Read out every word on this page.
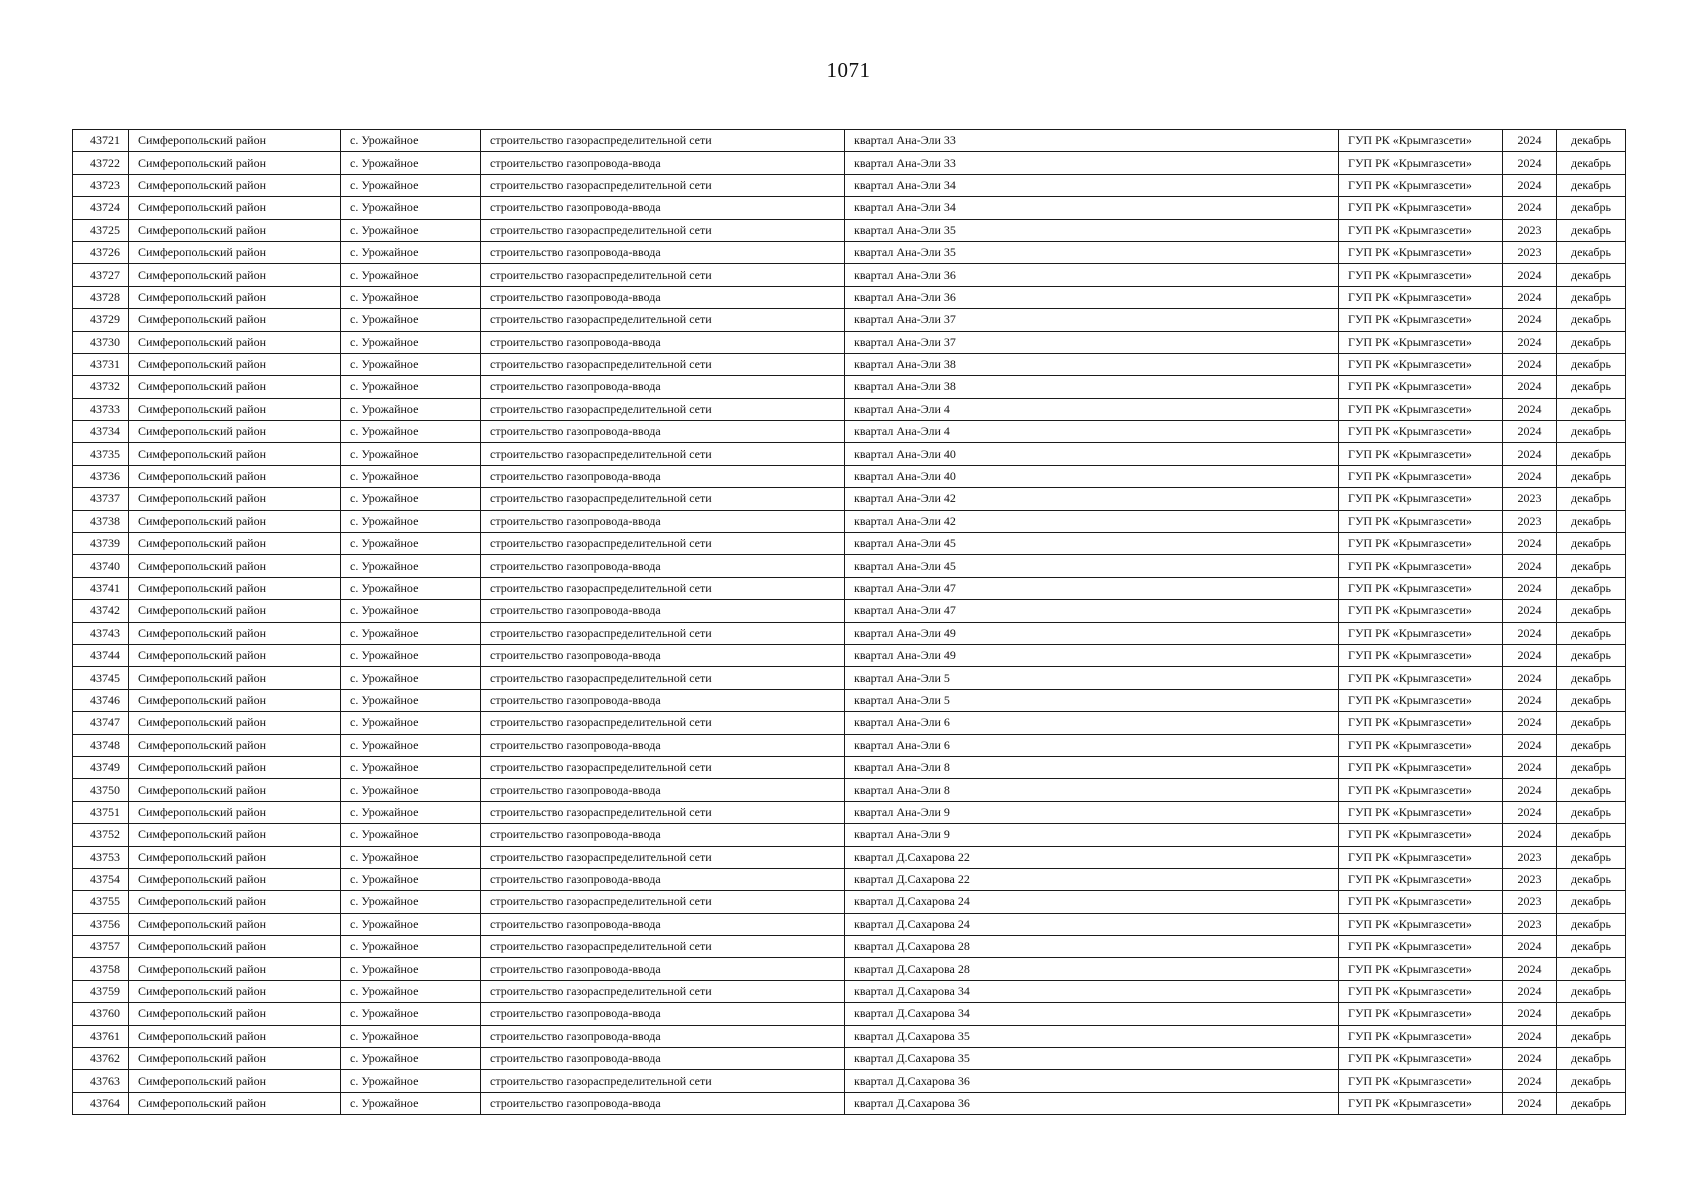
1071
43721	Симферопольский район	с. Урожайное	строительство газораспределительной сети	квартал Ана-Эли 33	ГУП РК «Крымгазсети»	2024	декабрь
43722	Симферопольский район	с. Урожайное	строительство газопровода-ввода	квартал Ана-Эли 33	ГУП РК «Крымгазсети»	2024	декабрь
43723	Симферопольский район	с. Урожайное	строительство газораспределительной сети	квартал Ана-Эли 34	ГУП РК «Крымгазсети»	2024	декабрь
43724	Симферопольский район	с. Урожайное	строительство газопровода-ввода	квартал Ана-Эли 34	ГУП РК «Крымгазсети»	2024	декабрь
43725	Симферопольский район	с. Урожайное	строительство газораспределительной сети	квартал Ана-Эли 35	ГУП РК «Крымгазсети»	2023	декабрь
43726	Симферопольский район	с. Урожайное	строительство газопровода-ввода	квартал Ана-Эли 35	ГУП РК «Крымгазсети»	2023	декабрь
43727	Симферопольский район	с. Урожайное	строительство газораспределительной сети	квартал Ана-Эли 36	ГУП РК «Крымгазсети»	2024	декабрь
43728	Симферопольский район	с. Урожайное	строительство газопровода-ввода	квартал Ана-Эли 36	ГУП РК «Крымгазсети»	2024	декабрь
43729	Симферопольский район	с. Урожайное	строительство газораспределительной сети	квартал Ана-Эли 37	ГУП РК «Крымгазсети»	2024	декабрь
43730	Симферопольский район	с. Урожайное	строительство газопровода-ввода	квартал Ана-Эли 37	ГУП РК «Крымгазсети»	2024	декабрь
43731	Симферопольский район	с. Урожайное	строительство газораспределительной сети	квартал Ана-Эли 38	ГУП РК «Крымгазсети»	2024	декабрь
43732	Симферопольский район	с. Урожайное	строительство газопровода-ввода	квартал Ана-Эли 38	ГУП РК «Крымгазсети»	2024	декабрь
43733	Симферопольский район	с. Урожайное	строительство газораспределительной сети	квартал Ана-Эли 4	ГУП РК «Крымгазсети»	2024	декабрь
43734	Симферопольский район	с. Урожайное	строительство газопровода-ввода	квартал Ана-Эли 4	ГУП РК «Крымгазсети»	2024	декабрь
43735	Симферопольский район	с. Урожайное	строительство газораспределительной сети	квартал Ана-Эли 40	ГУП РК «Крымгазсети»	2024	декабрь
43736	Симферопольский район	с. Урожайное	строительство газопровода-ввода	квартал Ана-Эли 40	ГУП РК «Крымгазсети»	2024	декабрь
43737	Симферопольский район	с. Урожайное	строительство газораспределительной сети	квартал Ана-Эли 42	ГУП РК «Крымгазсети»	2023	декабрь
43738	Симферопольский район	с. Урожайное	строительство газопровода-ввода	квартал Ана-Эли 42	ГУП РК «Крымгазсети»	2023	декабрь
43739	Симферопольский район	с. Урожайное	строительство газораспределительной сети	квартал Ана-Эли 45	ГУП РК «Крымгазсети»	2024	декабрь
43740	Симферопольский район	с. Урожайное	строительство газопровода-ввода	квартал Ана-Эли 45	ГУП РК «Крымгазсети»	2024	декабрь
43741	Симферопольский район	с. Урожайное	строительство газораспределительной сети	квартал Ана-Эли 47	ГУП РК «Крымгазсети»	2024	декабрь
43742	Симферопольский район	с. Урожайное	строительство газопровода-ввода	квартал Ана-Эли 47	ГУП РК «Крымгазсети»	2024	декабрь
43743	Симферопольский район	с. Урожайное	строительство газораспределительной сети	квартал Ана-Эли 49	ГУП РК «Крымгазсети»	2024	декабрь
43744	Симферопольский район	с. Урожайное	строительство газопровода-ввода	квартал Ана-Эли 49	ГУП РК «Крымгазсети»	2024	декабрь
43745	Симферопольский район	с. Урожайное	строительство газораспределительной сети	квартал Ана-Эли 5	ГУП РК «Крымгазсети»	2024	декабрь
43746	Симферопольский район	с. Урожайное	строительство газопровода-ввода	квартал Ана-Эли 5	ГУП РК «Крымгазсети»	2024	декабрь
43747	Симферопольский район	с. Урожайное	строительство газораспределительной сети	квартал Ана-Эли 6	ГУП РК «Крымгазсети»	2024	декабрь
43748	Симферопольский район	с. Урожайное	строительство газопровода-ввода	квартал Ана-Эли 6	ГУП РК «Крымгазсети»	2024	декабрь
43749	Симферопольский район	с. Урожайное	строительство газораспределительной сети	квартал Ана-Эли 8	ГУП РК «Крымгазсети»	2024	декабрь
43750	Симферопольский район	с. Урожайное	строительство газопровода-ввода	квартал Ана-Эли 8	ГУП РК «Крымгазсети»	2024	декабрь
43751	Симферопольский район	с. Урожайное	строительство газораспределительной сети	квартал Ана-Эли 9	ГУП РК «Крымгазсети»	2024	декабрь
43752	Симферопольский район	с. Урожайное	строительство газопровода-ввода	квартал Ана-Эли 9	ГУП РК «Крымгазсети»	2024	декабрь
43753	Симферопольский район	с. Урожайное	строительство газораспределительной сети	квартал Д.Сахарова 22	ГУП РК «Крымгазсети»	2023	декабрь
43754	Симферопольский район	с. Урожайное	строительство газопровода-ввода	квартал Д.Сахарова 22	ГУП РК «Крымгазсети»	2023	декабрь
43755	Симферопольский район	с. Урожайное	строительство газораспределительной сети	квартал Д.Сахарова 24	ГУП РК «Крымгазсети»	2023	декабрь
43756	Симферопольский район	с. Урожайное	строительство газопровода-ввода	квартал Д.Сахарова 24	ГУП РК «Крымгазсети»	2023	декабрь
43757	Симферопольский район	с. Урожайное	строительство газораспределительной сети	квартал Д.Сахарова 28	ГУП РК «Крымгазсети»	2024	декабрь
43758	Симферопольский район	с. Урожайное	строительство газопровода-ввода	квартал Д.Сахарова 28	ГУП РК «Крымгазсети»	2024	декабрь
43759	Симферопольский район	с. Урожайное	строительство газораспределительной сети	квартал Д.Сахарова 34	ГУП РК «Крымгазсети»	2024	декабрь
43760	Симферопольский район	с. Урожайное	строительство газопровода-ввода	квартал Д.Сахарова 34	ГУП РК «Крымгазсети»	2024	декабрь
43761	Симферопольский район	с. Урожайное	строительство газопровода-ввода	квартал Д.Сахарова 35	ГУП РК «Крымгазсети»	2024	декабрь
43762	Симферопольский район	с. Урожайное	строительство газопровода-ввода	квартал Д.Сахарова 35	ГУП РК «Крымгазсети»	2024	декабрь
43763	Симферопольский район	с. Урожайное	строительство газораспределительной сети	квартал Д.Сахарова 36	ГУП РК «Крымгазсети»	2024	декабрь
43764	Симферопольский район	с. Урожайное	строительство газопровода-ввода	квартал Д.Сахарова 36	ГУП РК «Крымгазсети»	2024	декабрь
